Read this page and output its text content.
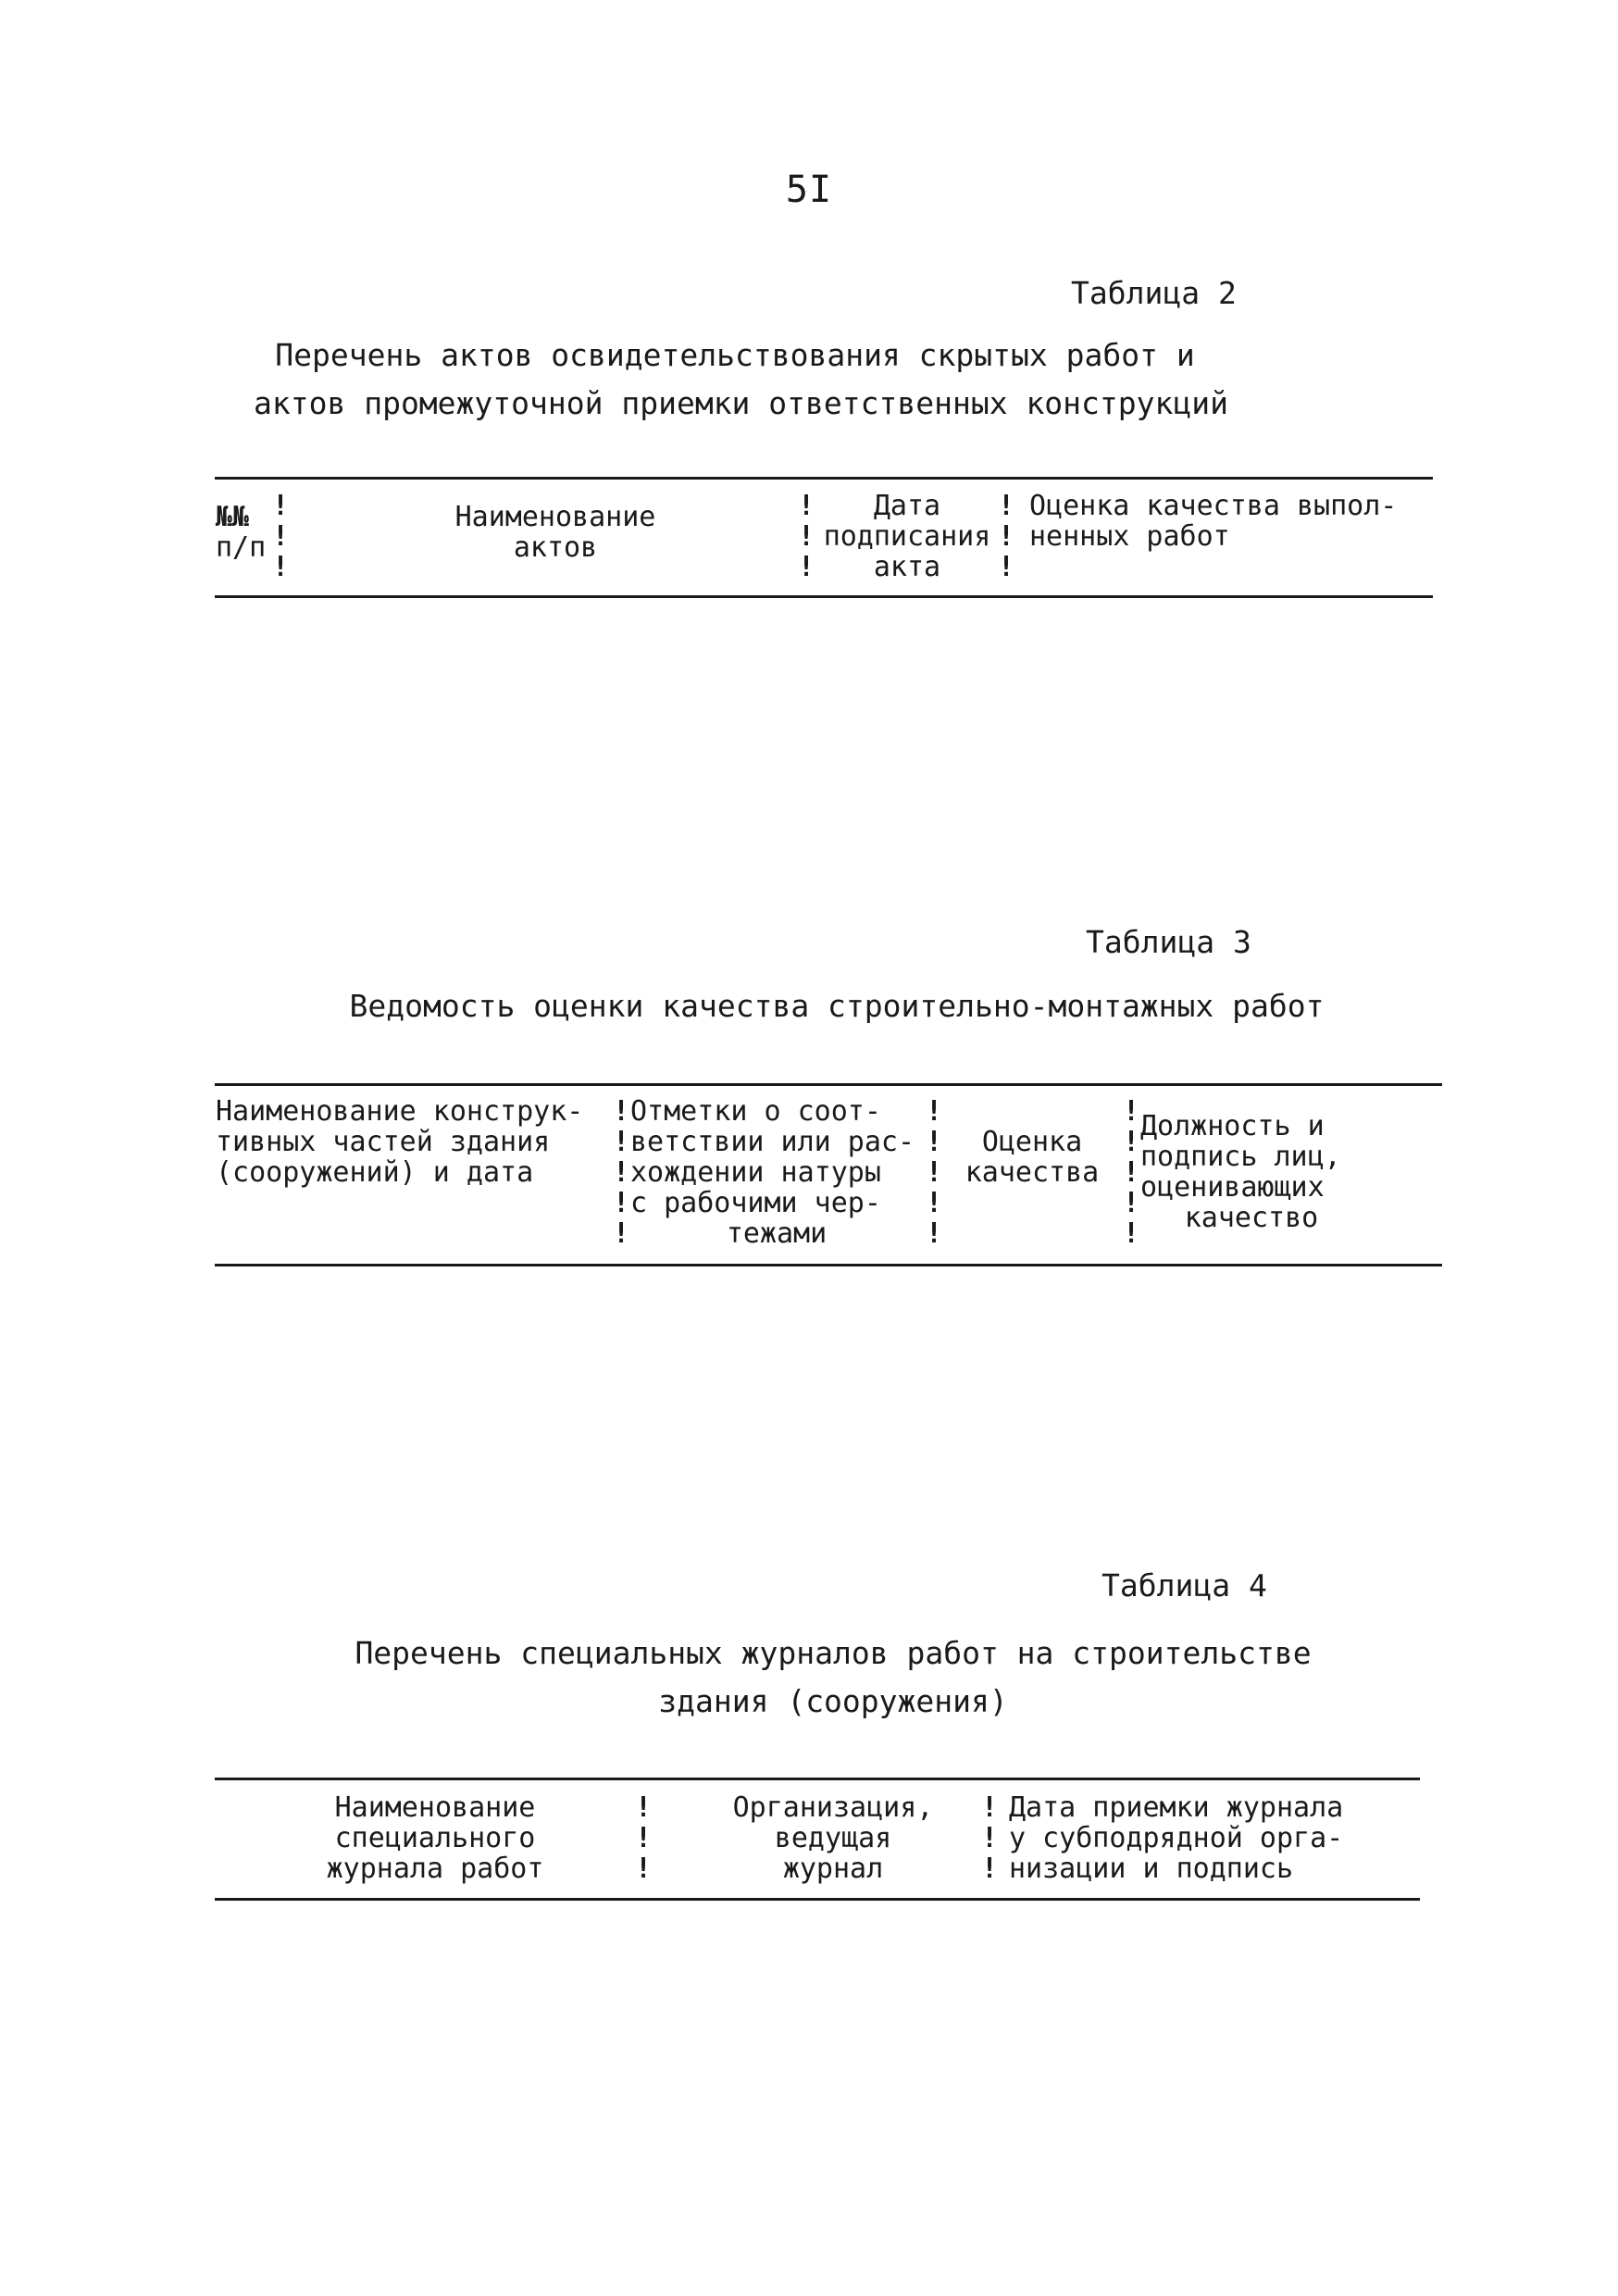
5I
Таблица 2
Перечень актов освидетельствования скрытых работ и
актов промежуточной приемки ответственных конструкций
№№
п/п
!
!
!
Наименование
актов
!
!
!
Дата
подписания
акта
!
!
!
Оценка качества выпол-
ненных работ
Таблица 3
Ведомость оценки качества строительно-монтажных работ
Наименование конструк-
тивных частей здания
(сооружений) и дата
!
!
!
!
!
Отметки о соот-
ветствии или рас-
хождении натуры
с рабочими чер-
тежами
!
!
!
!
!
Оценка
качества
!
!
!
!
!
Должность и
подпись лиц,
оценивающих
качество
Таблица 4
Перечень специальных журналов работ на строительстве
здания (сооружения)
Наименование
специального
журнала работ
!
!
!
Организация,
ведущая
журнал
!
!
!
Дата приемки журнала
у субподрядной орга-
низации и подпись
